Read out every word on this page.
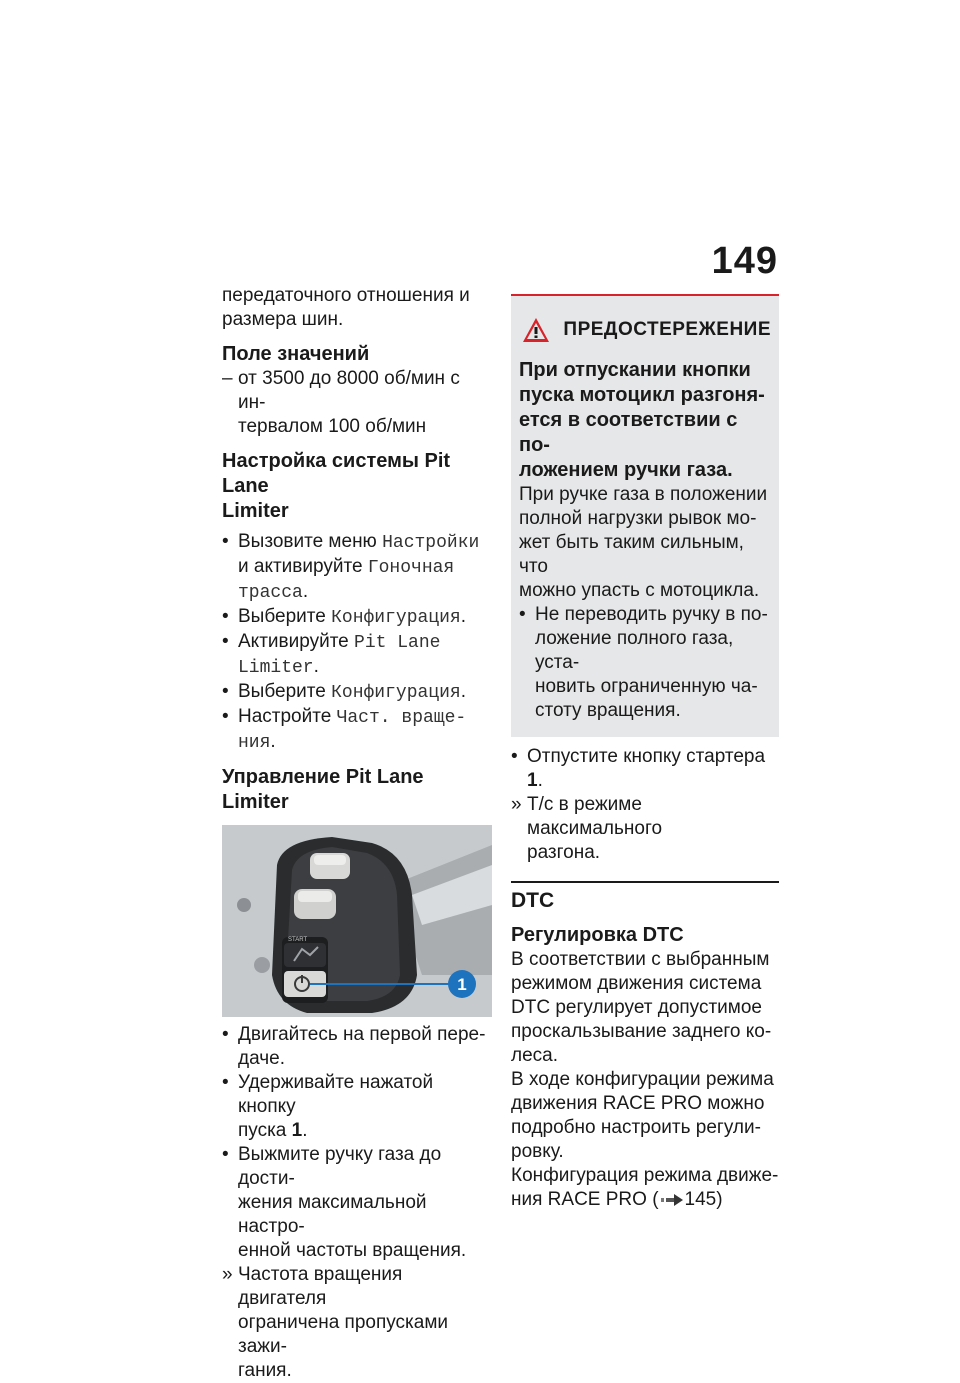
149

передаточного отношения и

размера шин.

Поле значений

– от 3500 до 8000 об/мин с ин-

тервалом 100 об/мин

Настройка системы Pit Lane

Limiter

• Вызовите меню Настройки

и активируйте Гоночная

трасса.

• Выберите Конфигурация.

• Активируйте Pit Lane

Limiter.

• Выберите Конфигурация.

• Настройте Част. враще-

ния.

Управление Pit Lane Limiter

START
1
• Двигайтесь на первой пере-

даче.

• Удерживайте нажатой кнопку

пуска 1.

• Выжмите ручку газа до дости-

жения максимальной настро-

енной частоты вращения.

» Частота вращения двигателя

ограничена пропусками зажи-

гания.

ПРЕДОСТЕРЕЖЕНИЕ

При отпускании кнопки

пуска мотоцикл разгоня-

ется в соответствии с по-

ложением ручки газа.

При ручке газа в положении

полной нагрузки рывок мо-

жет быть таким сильным, что

можно упасть с мотоцикла.

• Не переводить ручку в по-

ложение полного газа, уста-

новить ограниченную ча-

стоту вращения.

• Отпустите кнопку стартера 1.

» Т/с в режиме максимального

разгона.

DTC

Регулировка DTC

В соответствии с выбранным

режимом движения система

DTC регулирует допустимое

проскальзывание заднего ко-

леса.

В ходе конфигурации режима

движения RACE PRO можно

подробно настроить регули-

ровку.

Конфигурация режима движе-

ния RACE PRO ( 145)
